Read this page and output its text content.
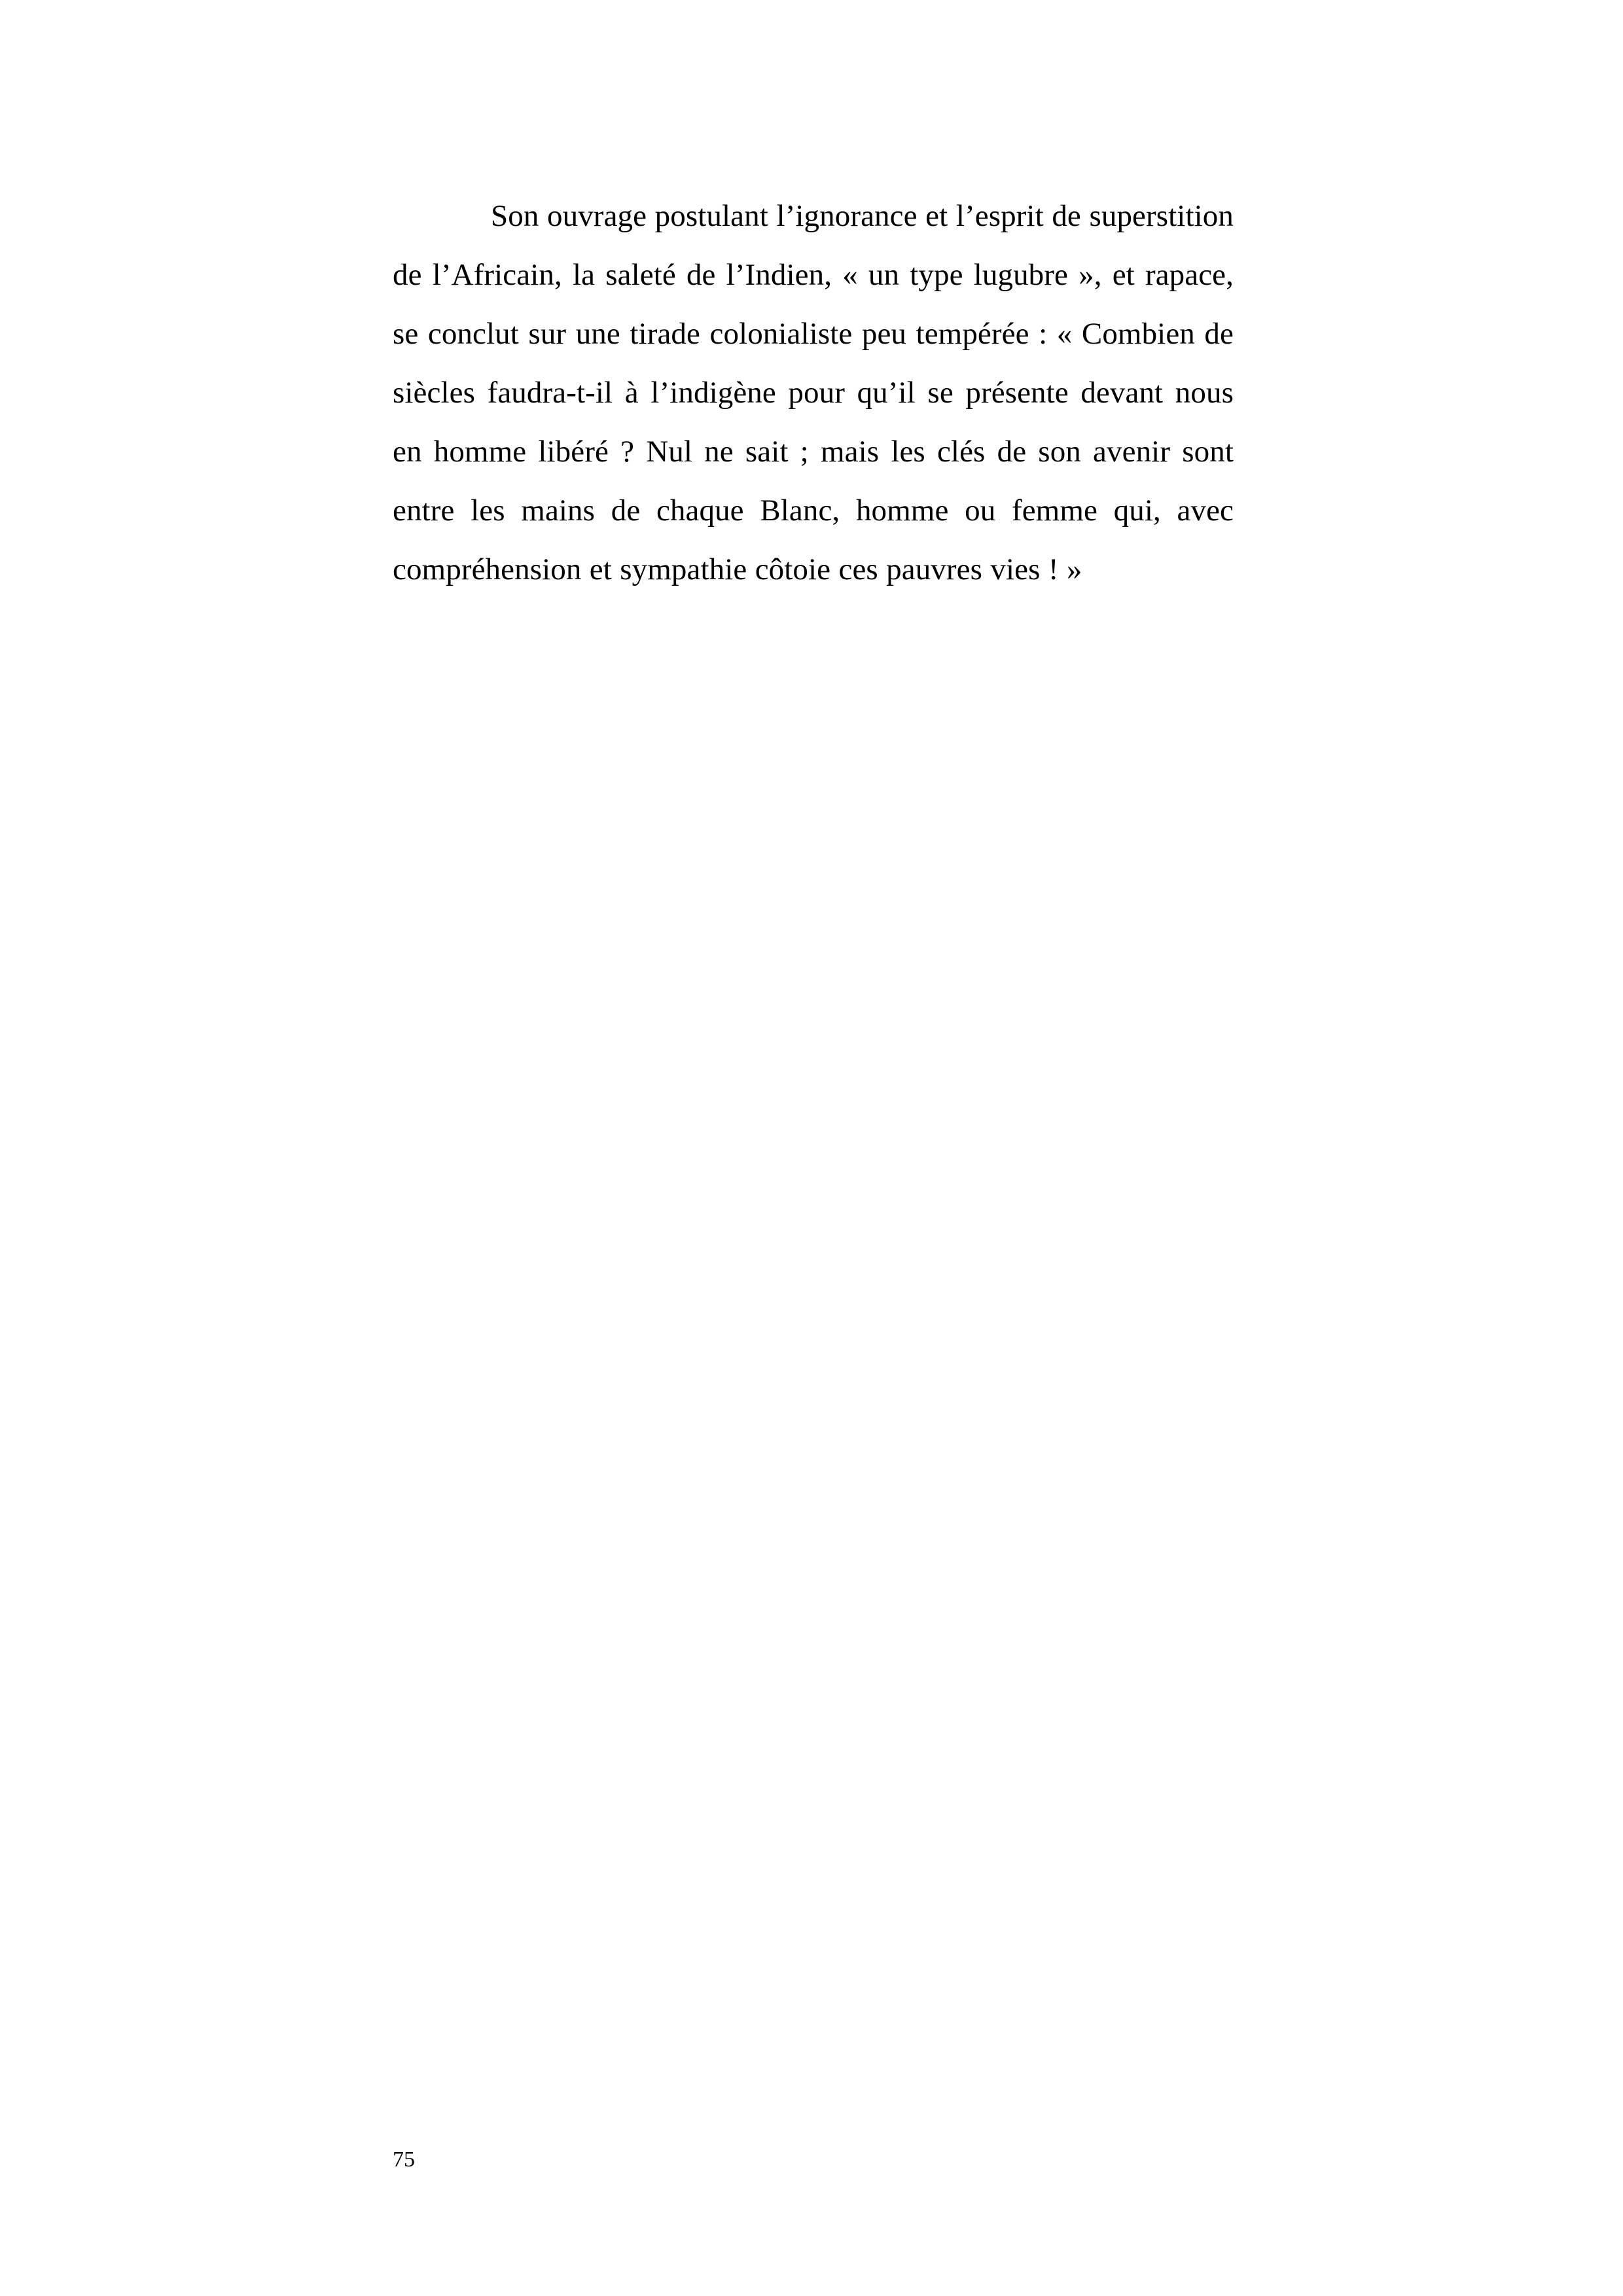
Son ouvrage postulant l’ignorance et l’esprit de superstition de l’Africain, la saleté de l’Indien, « un type lugubre », et rapace, se conclut sur une tirade colonialiste peu tempérée : « Combien de siècles faudra-t-il à l’indigène pour qu’il se présente devant nous en homme libéré ? Nul ne sait ; mais les clés de son avenir sont entre les mains de chaque Blanc, homme ou femme qui, avec compréhension et sympathie côtoie ces pauvres vies ! »

75
